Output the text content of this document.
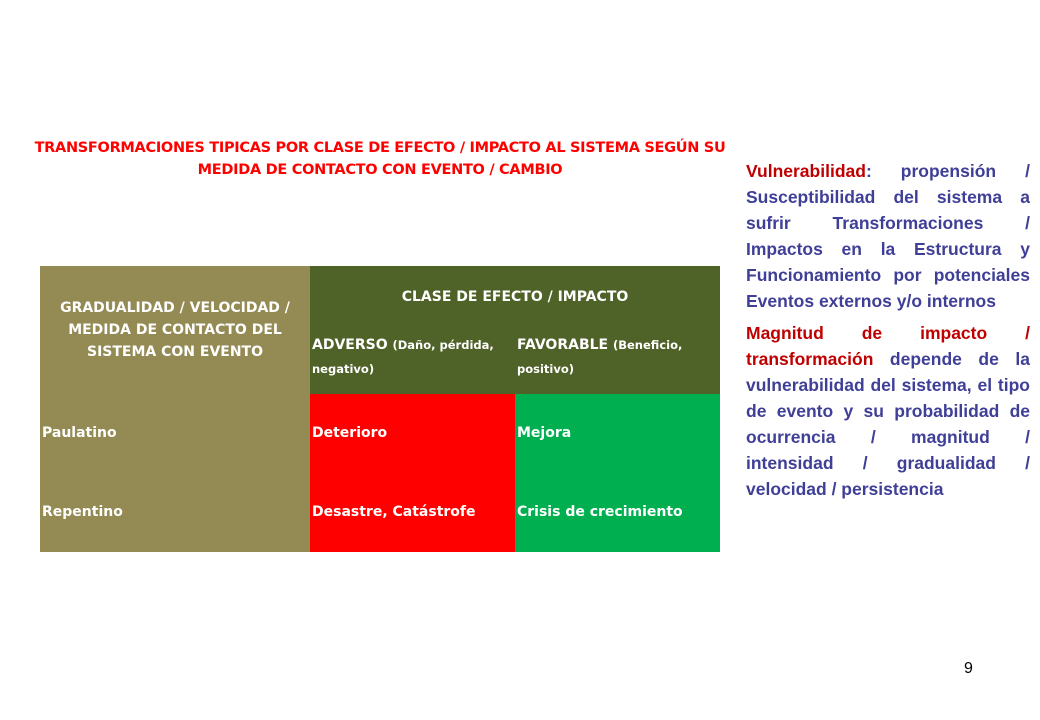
TRANSFORMACIONES TIPICAS POR CLASE DE EFECTO / IMPACTO AL SISTEMA SEGÚN SU MEDIDA DE CONTACTO CON EVENTO / CAMBIO
GRADUALIDAD / VELOCIDAD / MEDIDA DE CONTACTO DEL SISTEMA CON EVENTO
CLASE DE EFECTO / IMPACTO
ADVERSO (Daño, pérdida, negativo)
FAVORABLE (Beneficio, positivo)
Paulatino	Deterioro	Mejora
Repentino	Desastre, Catástrofe	Crisis de crecimiento

Vulnerabilidad: propensión / Susceptibilidad del sistema a sufrir Transformaciones / Impactos en la Estructura y Funcionamiento por potenciales Eventos externos y/o internos

Magnitud de impacto / transformación depende de la vulnerabilidad del sistema, el tipo de evento y su probabilidad de ocurrencia / magnitud / intensidad / gradualidad / velocidad / persistencia

9
